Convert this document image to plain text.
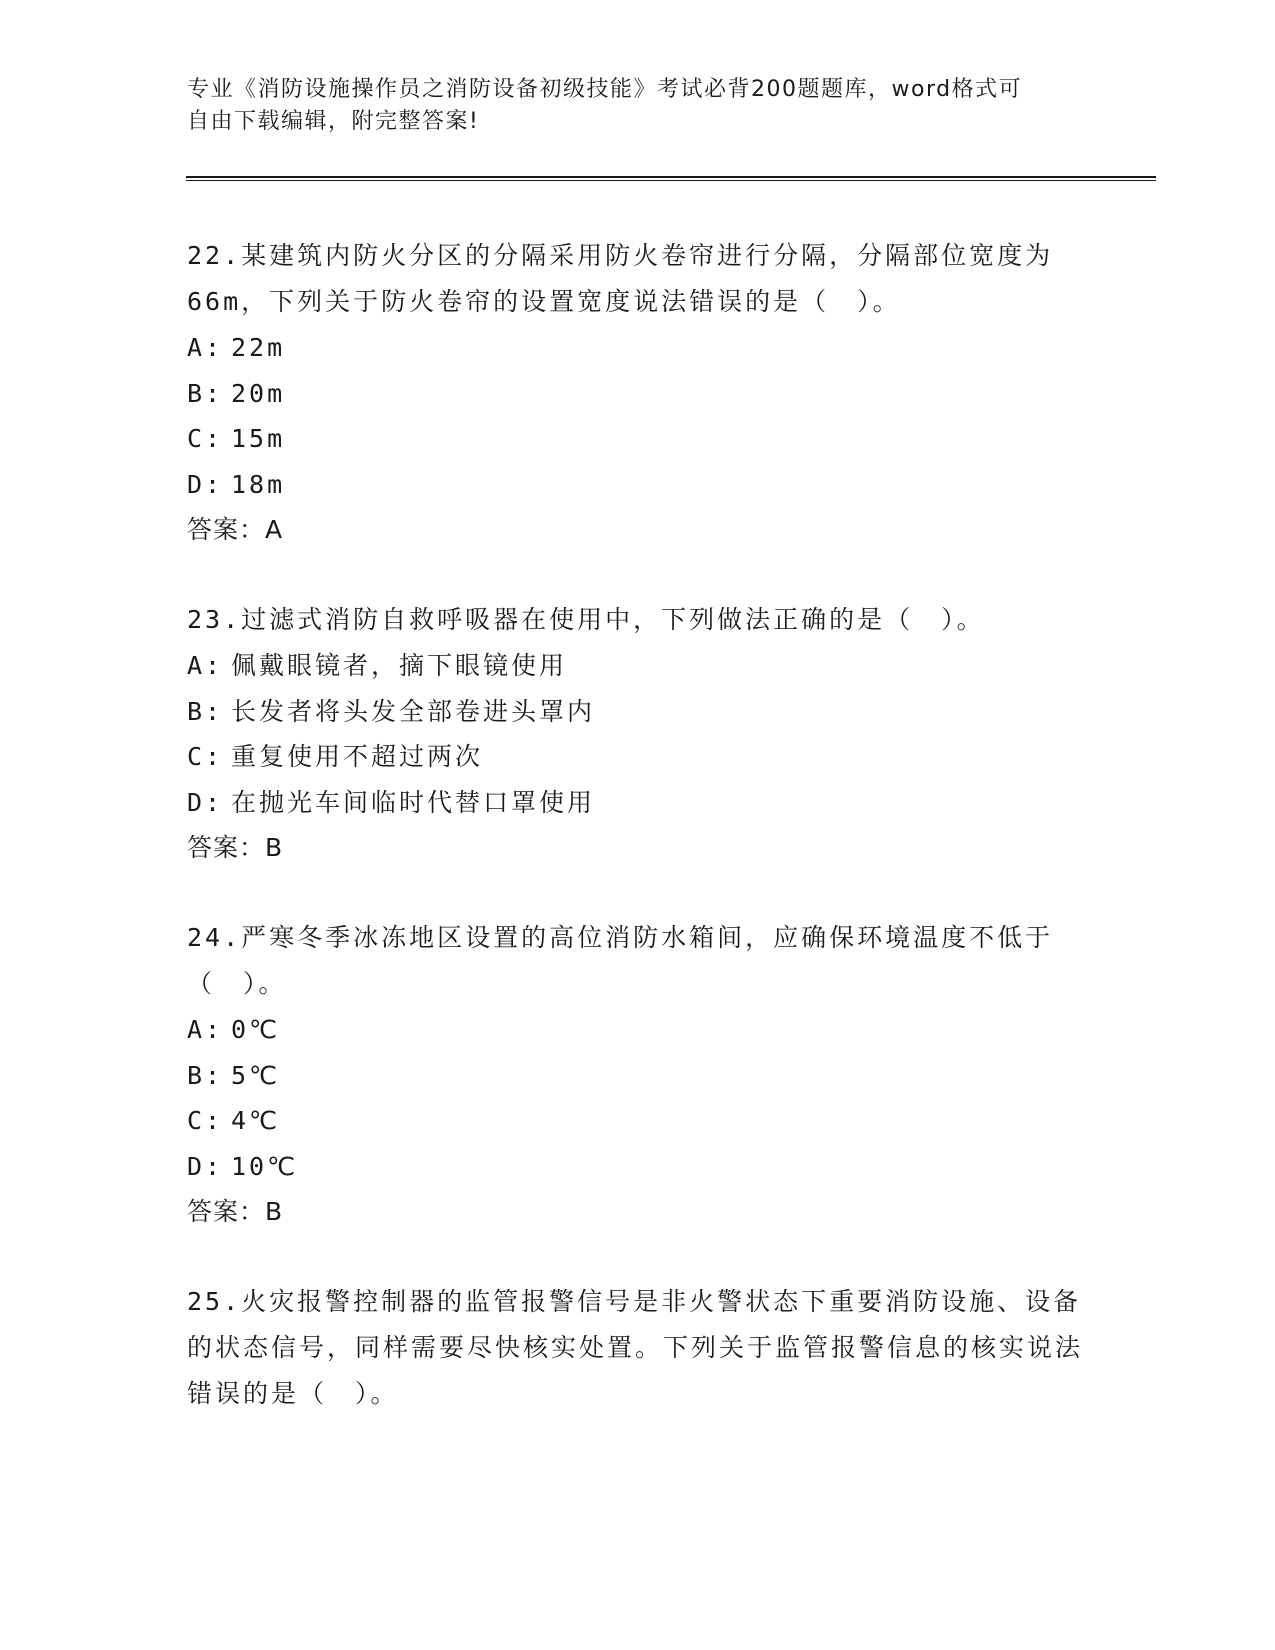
专业《消防设施操作员之消防设备初级技能》考试必背200题题库，word格式可
自由下载编辑，附完整答案!
22.某建筑内防火分区的分隔采用防火卷帘进行分隔，分隔部位宽度为66m，下列关于防火卷帘的设置宽度说法错误的是（　）。
A: 22m
B: 20m
C: 15m
D: 18m
答案：A
23.过滤式消防自救呼吸器在使用中，下列做法正确的是（　）。
A: 佩戴眼镜者，摘下眼镜使用
B: 长发者将头发全部卷进头罩内
C: 重复使用不超过两次
D: 在抛光车间临时代替口罩使用
答案：B
24.严寒冬季冰冻地区设置的高位消防水箱间，应确保环境温度不低于（　）。
A: 0℃
B: 5℃
C: 4℃
D: 10℃
答案：B
25.火灾报警控制器的监管报警信号是非火警状态下重要消防设施、设备的状态信号，同样需要尽快核实处置。下列关于监管报警信息的核实说法错误的是（　）。
